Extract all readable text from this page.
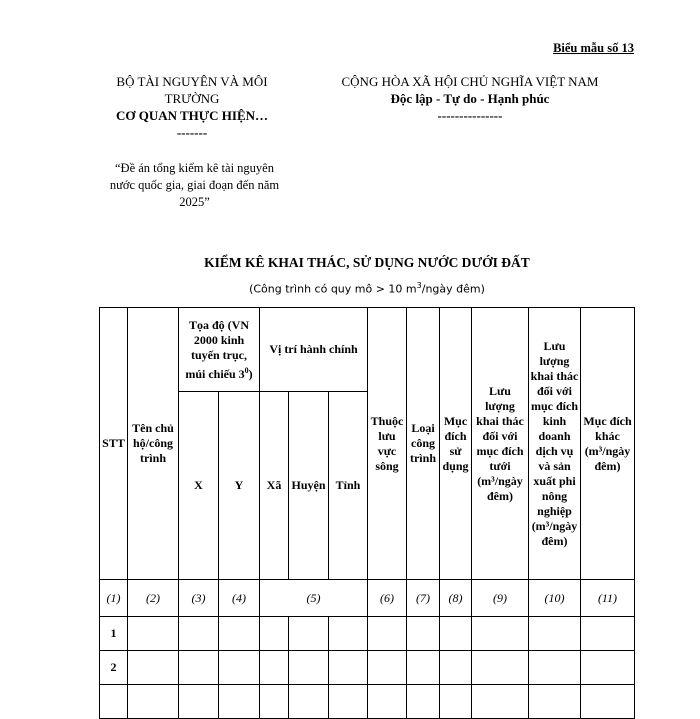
Biểu mẫu số 13
BỘ TÀI NGUYÊN VÀ MÔI TRƯỜNG
CƠ QUAN THỰC HIỆN…
-------
CỘNG HÒA XÃ HỘI CHỦ NGHĨA VIỆT NAM
Độc lập - Tự do - Hạnh phúc
---------------
“Đề án tổng kiểm kê tài nguyên nước quốc gia, giai đoạn đến năm 2025”
KIỂM KÊ KHAI THÁC, SỬ DỤNG NƯỚC DƯỚI ĐẤT
(Công trình có quy mô > 10 $m^3$/ngày đêm)
STT	Tên chủ hộ/công trình	Tọa độ (VN 2000 kinh tuyến trục, múi chiếu $3^0$)		Vị trí hành chính			Thuộc lưu vực sông	Loại công trình	Mục đích sử dụng	Lưu lượng khai thác đối với mục đích tưới (m³/ngày đêm)	Lưu lượng khai thác đối với mục đích kinh doanh dịch vụ và sản xuất phi nông nghiệp (m³/ngày đêm)	Mục đích khác (m³/ngày đêm)
		X	Y	Xã	Huyện	Tỉnh						
(1)	(2)	(3)	(4)	(5)			(6)	(7)	(8)	(9)	(10)	(11)
1												
2												
